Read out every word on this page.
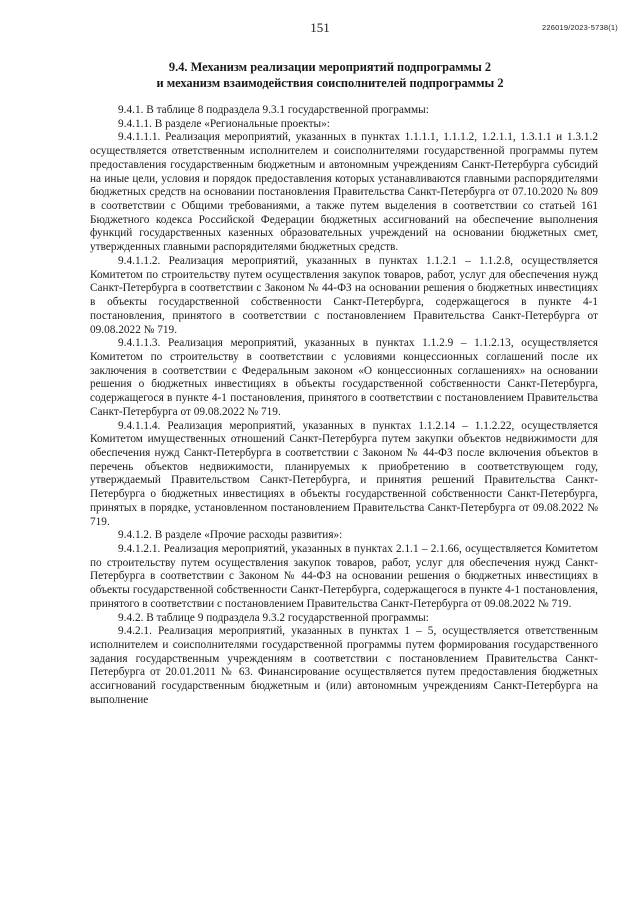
151	226019/2023-5738(1)
9.4. Механизм реализации мероприятий подпрограммы 2
и механизм взаимодействия соисполнителей подпрограммы 2

9.4.1. В таблице 8 подраздела 9.3.1 государственной программы:

9.4.1.1. В разделе «Региональные проекты»:

9.4.1.1.1. Реализация мероприятий, указанных в пунктах 1.1.1.1, 1.1.1.2, 1.2.1.1, 1.3.1.1 и 1.3.1.2 осуществляется ответственным исполнителем и соисполнителями государственной программы путем предоставления государственным бюджетным и автономным учреждениям Санкт-Петербурга субсидий на иные цели, условия и порядок предоставления которых устанавливаются главными распорядителями бюджетных средств на основании постановления Правительства Санкт-Петербурга от 07.10.2020 № 809 в соответствии с Общими требованиями, а также путем выделения в соответствии со статьей 161 Бюджетного кодекса Российской Федерации бюджетных ассигнований на обеспечение выполнения функций государственных казенных образовательных учреждений на основании бюджетных смет, утвержденных главными распорядителями бюджетных средств.

9.4.1.1.2. Реализация мероприятий, указанных в пунктах 1.1.2.1 – 1.1.2.8, осуществляется Комитетом по строительству путем осуществления закупок товаров, работ, услуг для обеспечения нужд Санкт-Петербурга в соответствии с Законом № 44-ФЗ на основании решения о бюджетных инвестициях в объекты государственной собственности Санкт-Петербурга, содержащегося в пункте 4-1 постановления, принятого в соответствии с постановлением Правительства Санкт-Петербурга от 09.08.2022 № 719.

9.4.1.1.3. Реализация мероприятий, указанных в пунктах 1.1.2.9 – 1.1.2.13, осуществляется Комитетом по строительству в соответствии с условиями концессионных соглашений после их заключения в соответствии с Федеральным законом «О концессионных соглашениях» на основании решения о бюджетных инвестициях в объекты государственной собственности Санкт-Петербурга, содержащегося в пункте 4-1 постановления, принятого в соответствии с постановлением Правительства Санкт-Петербурга от 09.08.2022 № 719.

9.4.1.1.4. Реализация мероприятий, указанных в пунктах 1.1.2.14 – 1.1.2.22, осуществляется Комитетом имущественных отношений Санкт-Петербурга путем закупки объектов недвижимости для обеспечения нужд Санкт-Петербурга в соответствии с Законом № 44-ФЗ после включения объектов в перечень объектов недвижимости, планируемых к приобретению в соответствующем году, утверждаемый Правительством Санкт-Петербурга, и принятия решений Правительства Санкт-Петербурга о бюджетных инвестициях в объекты государственной собственности Санкт-Петербурга, принятых в порядке, установленном постановлением Правительства Санкт-Петербурга от 09.08.2022 № 719.

9.4.1.2. В разделе «Прочие расходы развития»:

9.4.1.2.1. Реализация мероприятий, указанных в пунктах 2.1.1 – 2.1.66, осуществляется Комитетом по строительству путем осуществления закупок товаров, работ, услуг для обеспечения нужд Санкт-Петербурга в соответствии с Законом № 44-ФЗ на основании решения о бюджетных инвестициях в объекты государственной собственности Санкт-Петербурга, содержащегося в пункте 4-1 постановления, принятого в соответствии с постановлением Правительства Санкт-Петербурга от 09.08.2022 № 719.

9.4.2. В таблице 9 подраздела 9.3.2 государственной программы:

9.4.2.1. Реализация мероприятий, указанных в пунктах 1 – 5, осуществляется ответственным исполнителем и соисполнителями государственной программы путем формирования государственного задания государственным учреждениям в соответствии с постановлением Правительства Санкт-Петербурга от 20.01.2011 № 63. Финансирование осуществляется путем предоставления бюджетных ассигнований государственным бюджетным и (или) автономным учреждениям Санкт-Петербурга на выполнение
